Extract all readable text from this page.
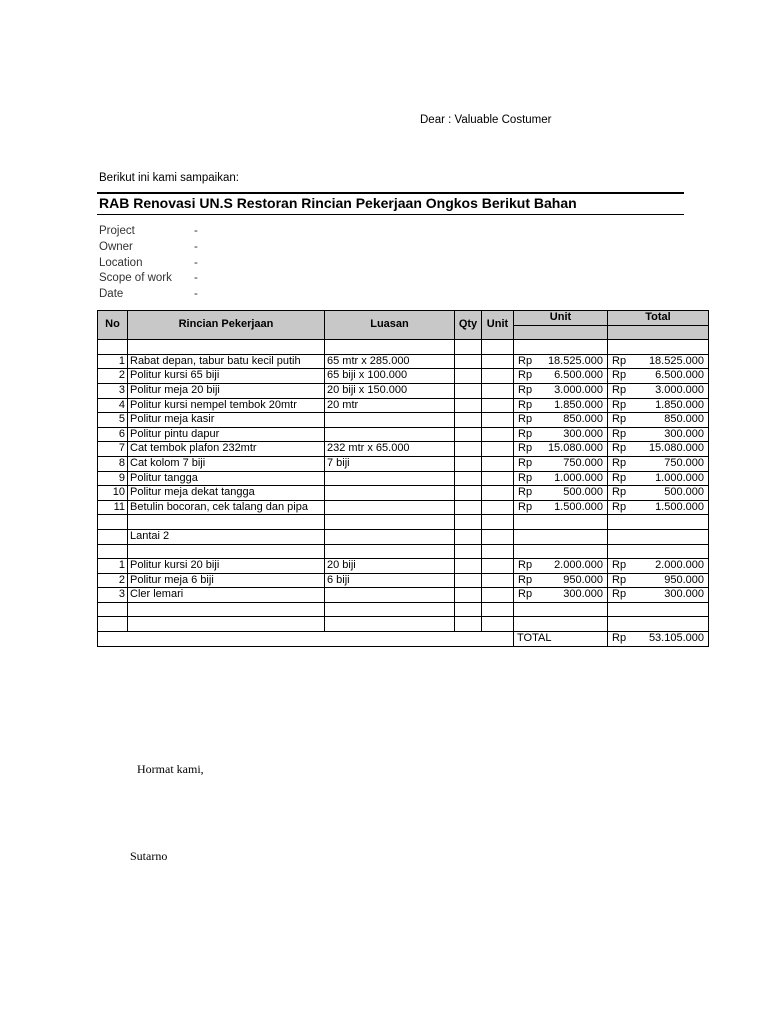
Dear : Valuable Costumer
Berikut ini kami sampaikan:
RAB Renovasi UN.S Restoran Rincian Pekerjaan Ongkos Berikut Bahan
Project	-
Owner	-
Location	-
Scope of work	-
Date	-
No	Rincian Pekerjaan	Luasan	Qty	Unit	Unit		Total	

1	Rabat depan, tabur batu kecil putih	65 mtr x 285.000			Rp	18.525.000	Rp	18.525.000
2	Politur kursi 65 biji	65 biji x 100.000			Rp	6.500.000	Rp	6.500.000
3	Politur meja 20 biji	20 biji x 150.000			Rp	3.000.000	Rp	3.000.000
4	Politur kursi nempel tembok 20mtr	20 mtr			Rp	1.850.000	Rp	1.850.000
5	Politur meja kasir				Rp	850.000	Rp	850.000
6	Politur pintu dapur				Rp	300.000	Rp	300.000
7	Cat tembok plafon 232mtr	232 mtr x 65.000			Rp	15.080.000	Rp	15.080.000
8	Cat kolom 7 biji	7 biji			Rp	750.000	Rp	750.000
9	Politur tangga				Rp	1.000.000	Rp	1.000.000
10	Politur meja dekat tangga				Rp	500.000	Rp	500.000
11	Betulin bocoran, cek talang dan pipa				Rp	1.500.000	Rp	1.500.000

	Lantai 2							

1	Politur kursi 20 biji	20 biji			Rp	2.000.000	Rp	2.000.000
2	Politur meja 6 biji	6 biji			Rp	950.000	Rp	950.000
3	Cler lemari				Rp	300.000	Rp	300.000

					TOTAL		Rp	53.105.000
Hormat kami,
Sutarno
